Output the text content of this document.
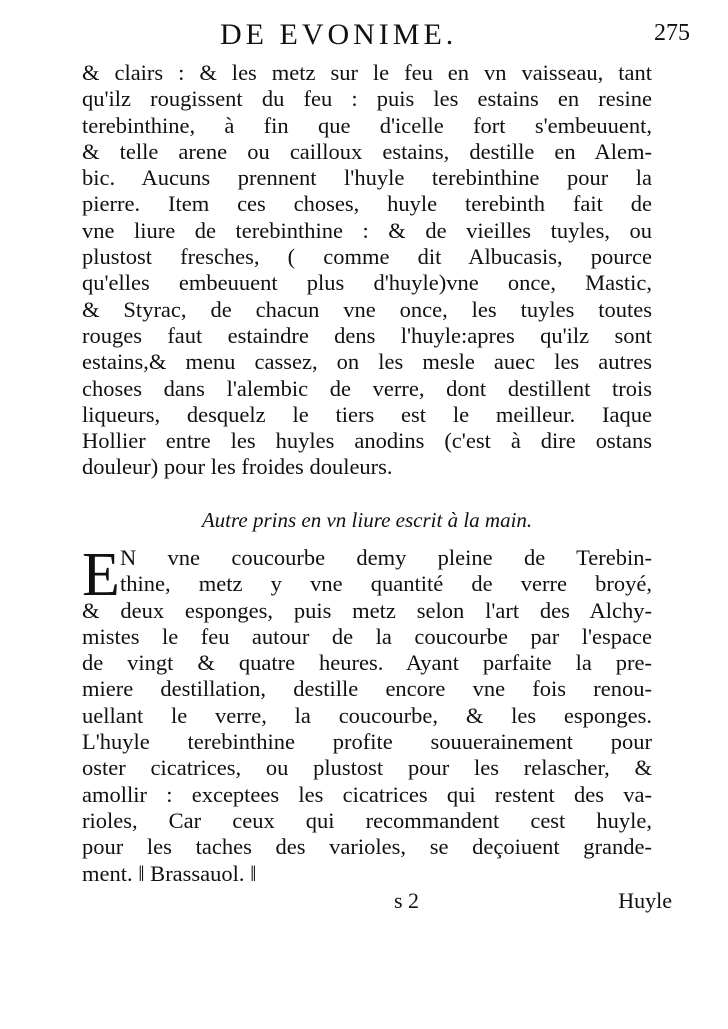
DE EVONIME.	275
& clairs : & les metz sur le feu en vn vaisseau, tant
qu'ilz rougissent du feu : puis les estains en resine
terebinthine, à fin que d'icelle fort s'embeuuent,
& telle arene ou cailloux estains, destille en Alem-
bic. Aucuns prennent l'huyle terebinthine pour la
pierre. Item ces choses, huyle terebinth fait de
vne liure de terebinthine : & de vieilles tuyles, ou
plustost fresches, ( comme dit Albucasis, pource
qu'elles embeuuent plus d'huyle)vne once, Mastic,
& Styrac, de chacun vne once, les tuyles toutes
rouges faut estaindre dens l'huyle:apres qu'ilz sont
estains,& menu cassez, on les mesle auec les autres
choses dans l'alembic de verre, dont destillent trois
liqueurs, desquelz le tiers est le meilleur. Iaque
Hollier entre les huyles anodins (c'est à dire ostans
douleur) pour les froides douleurs.
Autre prins en vn liure escrit à la main.
E N vne coucourbe demy pleine de Terebin-
thine, metz y vne quantité de verre broyé,
& deux esponges, puis metz selon l'art des Alchy-
mistes le feu autour de la coucourbe par l'espace
de vingt & quatre heures. Ayant parfaite la pre-
miere destillation, destille encore vne fois renou-
uellant le verre, la coucourbe, & les esponges.
L'huyle terebinthine profite souuerainement pour
oster cicatrices, ou plustost pour les relascher, &
amollir : exceptees les cicatrices qui restent des va-
rioles, Car ceux qui recommandent cest huyle,
pour les taches des varioles, se deçoiuent grande-
ment. ‖ Brassauol. ‖
s 2	Huyle
